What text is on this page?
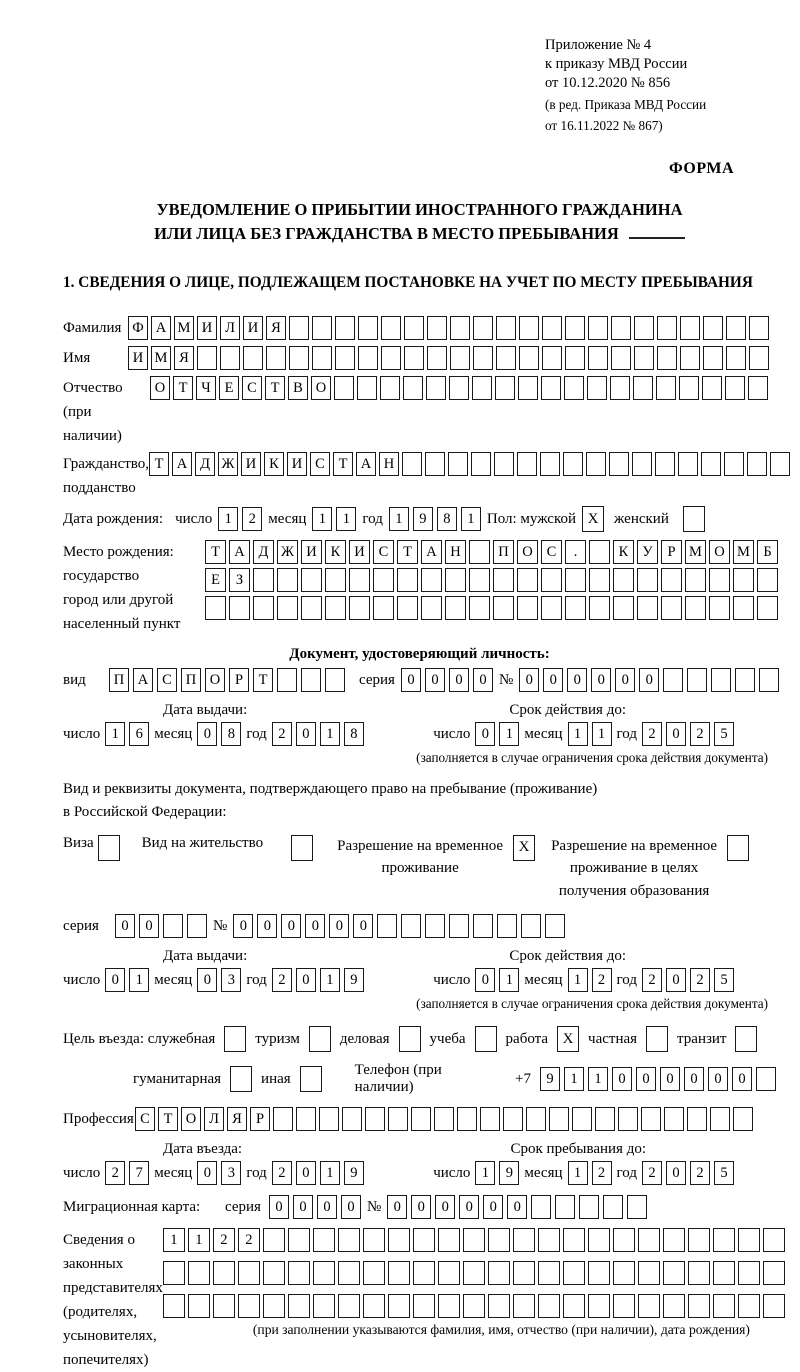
Приложение № 4
к приказу МВД России
от 10.12.2020 № 856
(в ред. Приказа МВД России
от 16.11.2022 № 867)
ФОРМА
УВЕДОМЛЕНИЕ О ПРИБЫТИИ ИНОСТРАННОГО ГРАЖДАНИНА
ИЛИ ЛИЦА БЕЗ ГРАЖДАНСТВА В МЕСТО ПРЕБЫВАНИЯ
1. СВЕДЕНИЯ О ЛИЦЕ, ПОДЛЕЖАЩЕМ ПОСТАНОВКЕ НА УЧЕТ ПО МЕСТУ ПРЕБЫВАНИЯ
Фамилия Ф А М И Л И Я
Имя	И М Я
Отчество
(при наличии)
О Т Ч Е С Т В О
Гражданство,
подданство
Т А Д Ж И К И С Т А Н
Дата рождения: число 1	2 месяц 1	1 год 1	9	8	1 Пол: мужской X	женский
Место рождения:
государство
город или другой
населенный пункт
Т А Д Ж И К И С	Т А Н	П О С	.	К У	Р М О М Б
Е	З
Документ, удостоверяющий личность:
вид	П А С П О	Р	Т	серия 0	0	0	0 № 0	0	0	0	0	0
Дата выдачи:	Срок действия до:
число 1	6 месяц 0	8 год 2	0	1	8	число 0	1 месяц 1	1 год 2	0	2	5
(заполняется в случае ограничения срока действия документа)
Вид и реквизиты документа, подтверждающего право на пребывание (проживание)
в Российской Федерации:
Виза	Вид на жительство	Разрешение на временное
проживание
X	Разрешение на временное
проживание в целях
получения образования
серия	0	0	№ 0	0	0	0	0	0
Дата выдачи:	Срок действия до:
число 0	1 месяц 0	3 год 2	0	1	9	число 0	1 месяц 1	2 год 2	0	2	5
(заполняется в случае ограничения срока действия документа)
Цель въезда: служебная	туризм	деловая	учеба	работа X частная	транзит
гуманитарная	иная
Телефон (при наличии)
+7	9	1	1	0	0	0	0	0	0
Профессия С Т О Л Я Р
Дата въезда:	Срок пребывания до:
число 2	7 месяц 0	3 год 2	0	1	9	число 1	9 месяц 1	2 год 2	0	2	5
Миграционная карта:	серия 0	0	0	0 № 0	0	0	0	0	0
Сведения о
законных
представителях
(родителях,
усыновителях,
попечителях)
1	1	2	2
(при заполнении указываются фамилия, имя, отчество (при наличии), дата рождения)
